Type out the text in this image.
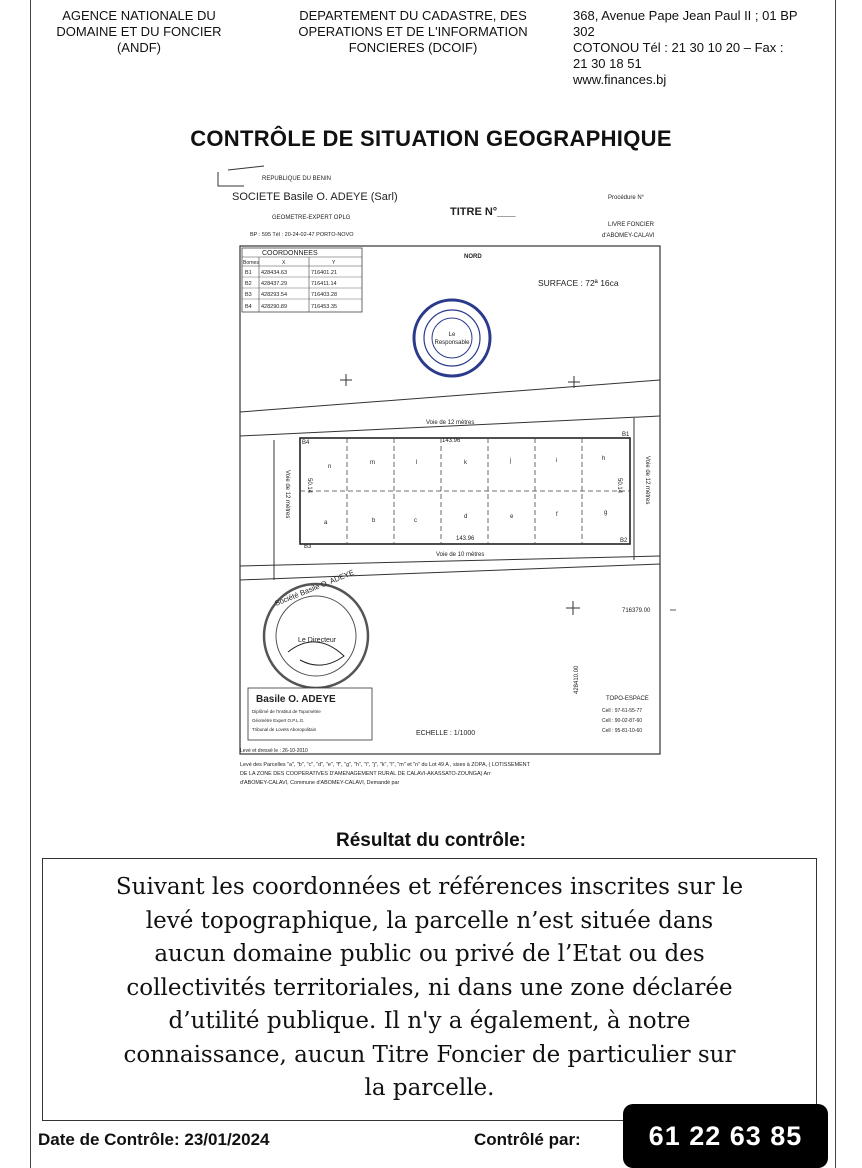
AGENCE NATIONALE DU
DOMAINE ET DU FONCIER
(ANDF)
DEPARTEMENT DU CADASTRE, DES
OPERATIONS ET DE L'INFORMATION
FONCIERES (DCOIF)
368, Avenue Pape Jean Paul II ; 01 BP
302
COTONOU Tél : 21 30 10 20 – Fax :
21 30 18 51
www.finances.bj
CONTRÔLE DE SITUATION GEOGRAPHIQUE
REPUBLIQUE DU BENIN
SOCIETE Basile O. ADEYE (Sarl)
GEOMETRE-EXPERT OPLG
BP : 595 Tél : 20-24-02-47 PORTO-NOVO
TITRE N°___
Procédure N°
LIVRE FONCIER
d'ABOMEY-CALAVI
COORDONNEES
Bornes	X	Y
B1 428434.63	716401.21
B2 428437.29	716411.14
B3 428293.54	716403.28
B4 428290.89	716453.35
NORD
SURFACE : 72ª 16ca
Le
Responsable
Voie de 12 mètres
Voie de 10 mètres
Voie de 12 mètres	Voie de 12 mètres
143.96
143.96
50.14	50.14
B1
B2
B3
B4
n
m	l	k	j	i	h
a	b	c
d	e	f	g
716379.00
428410.00
Société Basile O. ADEYE
Le Directeur
Basile O. ADEYE
Diplômé de l'Institut de Topométrie
Géomètre Expert O.P.L.G.
Tribunal de Lovets Aboropolitain
ECHELLE : 1/1000
TOPO-ESPACE
Cell : 97-61-55-77
Cell : 90-02-87-60
Cell : 95-81-10-60
Levé et dressé le : 26-10-2010
Levé des Parcelles "a", "b", "c", "d", "e", "f", "g", "h", "i", "j", "k", "l", "m" et "n" du Lot 49 A , sises à ZOPA, ( LOTISSEMENT
DE LA ZONE DES COOPERATIVES D'AMENAGEMENT RURAL DE CALAVI-AKASSATO-ZOUNGA) Arr
d'ABOMEY-CALAVI, Commune d'ABOMEY-CALAVI, Demandé par
Résultat du contrôle:
Suivant les coordonnées et références inscrites sur le
levé topographique, la parcelle n’est située dans
aucun domaine public ou privé de l’Etat ou des
collectivités territoriales, ni dans une zone déclarée
d’utilité publique. Il n'y a également, à notre
connaissance, aucun Titre Foncier de particulier sur
la parcelle.
Date de Contrôle: 23/01/2024	Contrôlé par:	61 22 63 85
